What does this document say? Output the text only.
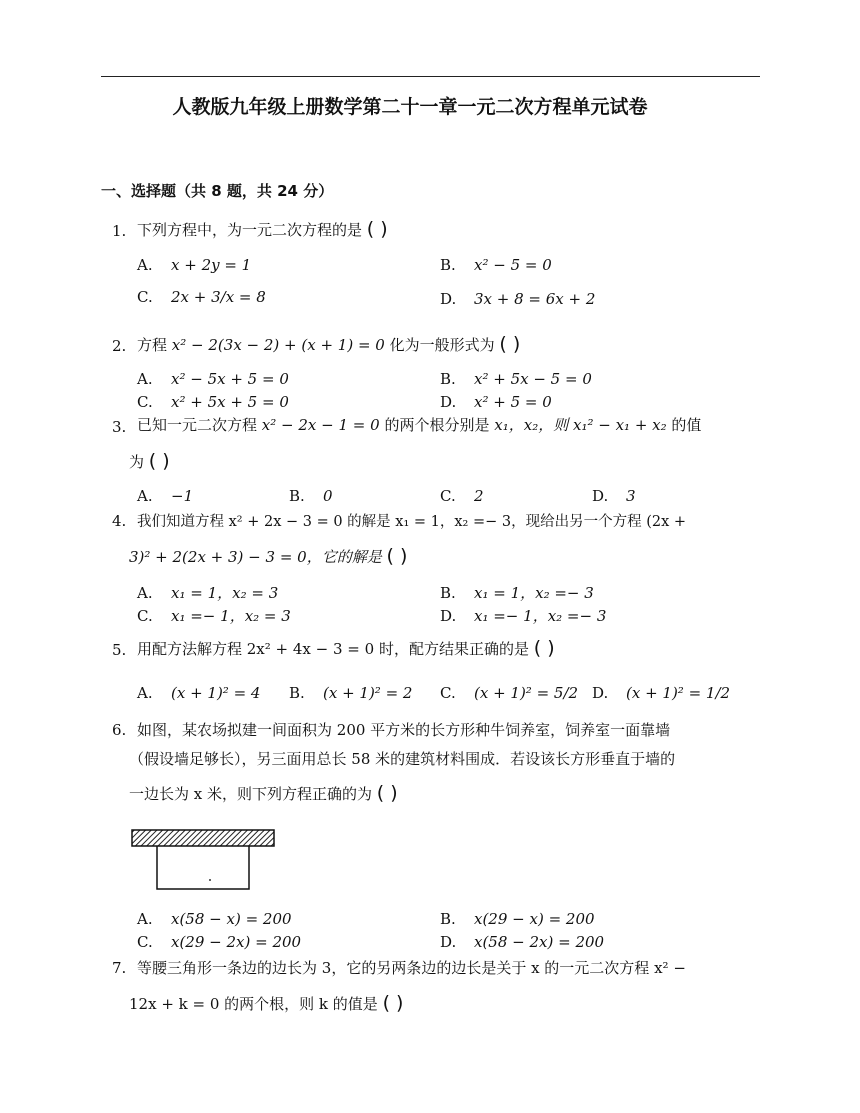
人教版九年级上册数学第二十一章一元二次方程单元试卷
一、选择题（共 8 题，共 24 分）
1. 下列方程中，为一元二次方程的是 ( )
A. x + 2y = 1	B. x² − 5 = 0
C. 2x + 3/x = 8	D. 3x + 8 = 6x + 2
2. 方程 x² − 2(3x − 2) + (x + 1) = 0 化为一般形式为 ( )
A. x² − 5x + 5 = 0	B. x² + 5x − 5 = 0
C. x² + 5x + 5 = 0	D. x² + 5 = 0
3. 已知一元二次方程 x² − 2x − 1 = 0 的两个根分别是 x₁，x₂，则 x₁² − x₁ + x₂ 的值
为 ( )
A. −1	B. 0	C. 2	D. 3
4. 我们知道方程 x² + 2x − 3 = 0 的解是 x₁ = 1，x₂ =− 3，现给出另一个方程 (2x +
3)² + 2(2x + 3) − 3 = 0，它的解是 ( )
A. x₁ = 1，x₂ = 3	B. x₁ = 1，x₂ =− 3
C. x₁ =− 1，x₂ = 3	D. x₁ =− 1，x₂ =− 3
5. 用配方法解方程 2x² + 4x − 3 = 0 时，配方结果正确的是 ( )
A. (x + 1)² = 4 B. (x + 1)² = 2 C. (x + 1)² = 5/2 D. (x + 1)² = 1/2
6. 如图，某农场拟建一间面积为 200 平方米的长方形种牛饲养室，饲养室一面靠墙
（假设墙足够长），另三面用总长 58 米的建筑材料围成．若设该长方形垂直于墙的
一边长为 x 米，则下列方程正确的为 ( )
A. x(58 − x) = 200	B. x(29 − x) = 200
C. x(29 − 2x) = 200	D. x(58 − 2x) = 200
7. 等腰三角形一条边的边长为 3，它的另两条边的边长是关于 x 的一元二次方程 x² −
12x + k = 0 的两个根，则 k 的值是 ( )
